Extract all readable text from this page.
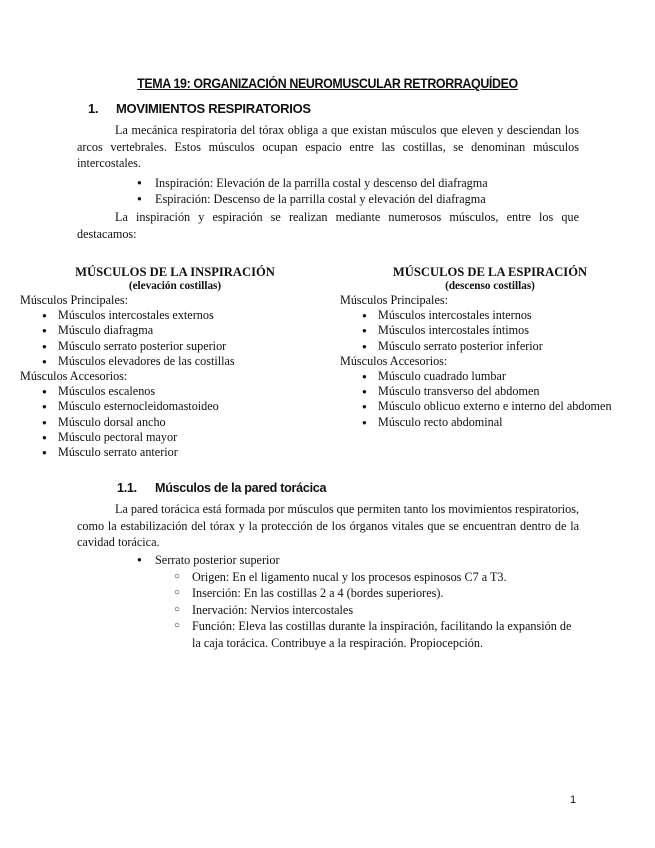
TEMA 19: ORGANIZACIÓN NEUROMUSCULAR RETRORRAQUÍDEO
1. MOVIMIENTOS RESPIRATORIOS

La mecánica respiratoria del tórax obliga a que existan músculos que eleven y desciendan los arcos vertebrales. Estos músculos ocupan espacio entre las costillas, se denominan músculos intercostales.

● Inspiración: Elevación de la parrilla costal y descenso del diafragma
● Espiración: Descenso de la parrilla costal y elevación del diafragma

La inspiración y espiración se realizan mediante numerosos músculos, entre los que destacamos:

MÚSCULOS DE LA INSPIRACIÓN
(elevación costillas)
Músculos Principales:
● Músculos intercostales externos
● Músculo diafragma
● Músculo serrato posterior superior
● Músculos elevadores de las costillas
Músculos Accesorios:
● Músculos escalenos
● Músculo esternocleidomastoideo
● Músculo dorsal ancho
● Músculo pectoral mayor
● Músculo serrato anterior
MÚSCULOS DE LA ESPIRACIÓN
(descenso costillas)
Músculos Principales:
● Músculos intercostales internos
● Músculos intercostales íntimos
● Músculo serrato posterior inferior
Músculos Accesorios:
● Músculo cuadrado lumbar
● Músculo transverso del abdomen
● Músculo oblicuo externo e interno del abdomen
● Músculo recto abdominal
1.1. Músculos de la pared torácica

La pared torácica está formada por músculos que permiten tanto los movimientos respiratorios, como la estabilización del tórax y la protección de los órganos vitales que se encuentran dentro de la cavidad torácica.

● Serrato posterior superior
○ Origen: En el ligamento nucal y los procesos espinosos C7 a T3.
○ Inserción: En las costillas 2 a 4 (bordes superiores).
○ Inervación: Nervios intercostales
○ Función: Eleva las costillas durante la inspiración, facilitando la expansión de la caja torácica. Contribuye a la respiración. Propiocepción.
1
